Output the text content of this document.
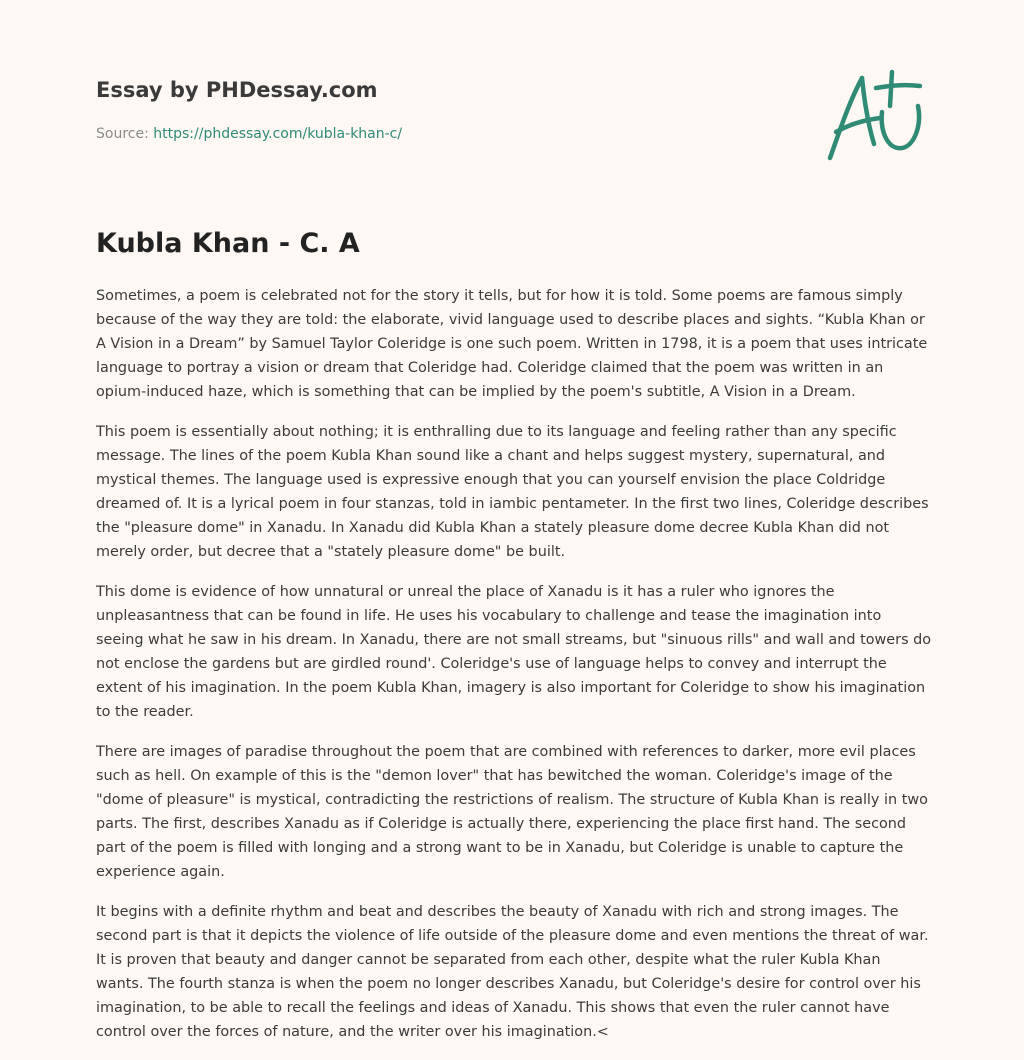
Essay by PHDessay.com
Source: https://phdessay.com/kubla-khan-c/
Kubla Khan - C. A

Sometimes, a poem is celebrated not for the story it tells, but for how it is told. Some poems are famous simply because of the way they are told: the elaborate, vivid language used to describe places and sights. “Kubla Khan or A Vision in a Dream” by Samuel Taylor Coleridge is one such poem. Written in 1798, it is a poem that uses intricate language to portray a vision or dream that Coleridge had. Coleridge claimed that the poem was written in an opium-induced haze, which is something that can be implied by the poem's subtitle, A Vision in a Dream.

This poem is essentially about nothing; it is enthralling due to its language and feeling rather than any specific message. The lines of the poem Kubla Khan sound like a chant and helps suggest mystery, supernatural, and mystical themes. The language used is expressive enough that you can yourself envision the place Coldridge dreamed of. It is a lyrical poem in four stanzas, told in iambic pentameter. In the first two lines, Coleridge describes the "pleasure dome" in Xanadu. In Xanadu did Kubla Khan a stately pleasure dome decree Kubla Khan did not merely order, but decree that a "stately pleasure dome" be built.

This dome is evidence of how unnatural or unreal the place of Xanadu is it has a ruler who ignores the unpleasantness that can be found in life. He uses his vocabulary to challenge and tease the imagination into seeing what he saw in his dream. In Xanadu, there are not small streams, but "sinuous rills" and wall and towers do not enclose the gardens but are girdled round'. Coleridge's use of language helps to convey and interrupt the extent of his imagination. In the poem Kubla Khan, imagery is also important for Coleridge to show his imagination to the reader.

There are images of paradise throughout the poem that are combined with references to darker, more evil places such as hell. On example of this is the "demon lover" that has bewitched the woman. Coleridge's image of the "dome of pleasure" is mystical, contradicting the restrictions of realism. The structure of Kubla Khan is really in two parts. The first, describes Xanadu as if Coleridge is actually there, experiencing the place first hand. The second part of the poem is filled with longing and a strong want to be in Xanadu, but Coleridge is unable to capture the experience again.

It begins with a definite rhythm and beat and describes the beauty of Xanadu with rich and strong images. The second part is that it depicts the violence of life outside of the pleasure dome and even mentions the threat of war. It is proven that beauty and danger cannot be separated from each other, despite what the ruler Kubla Khan wants. The fourth stanza is when the poem no longer describes Xanadu, but Coleridge's desire for control over his imagination, to be able to recall the feelings and ideas of Xanadu. This shows that even the ruler cannot have control over the forces of nature, and the writer over his imagination.<
